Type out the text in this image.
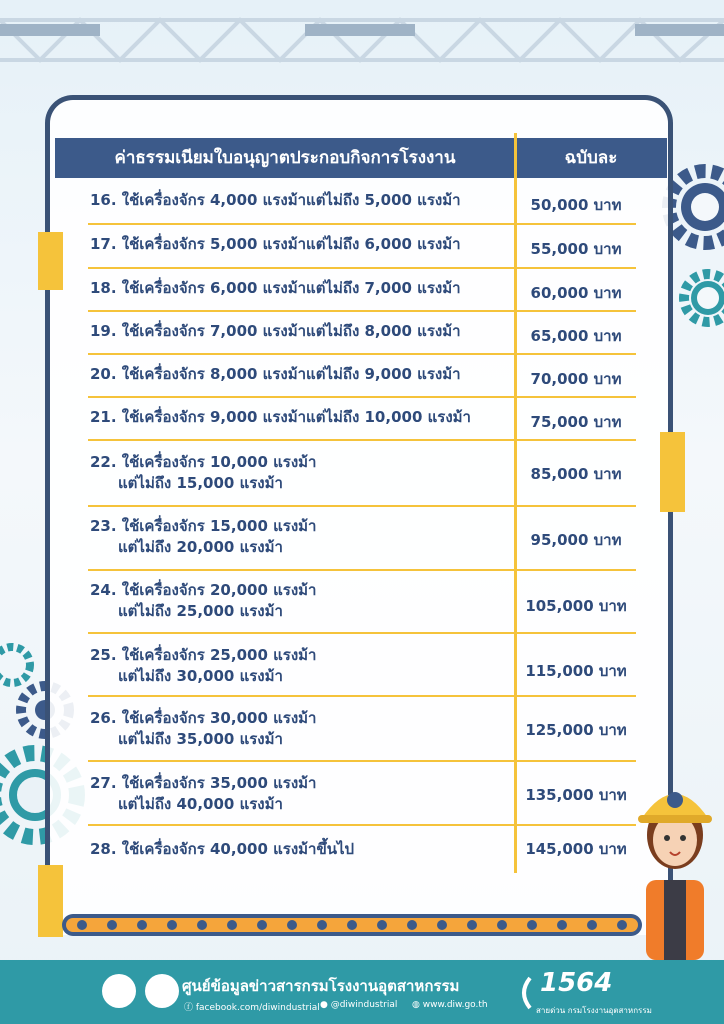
ค่าธรรมเนียมใบอนุญาตประกอบกิจการโรงงาน	ฉบับละ
16. ใช้เครื่องจักร 4,000 แรงม้าแต่ไม่ถึง 5,000 แรงม้า	50,000 บาท
17. ใช้เครื่องจักร 5,000 แรงม้าแต่ไม่ถึง 6,000 แรงม้า	55,000 บาท
18. ใช้เครื่องจักร 6,000 แรงม้าแต่ไม่ถึง 7,000 แรงม้า	60,000 บาท
19. ใช้เครื่องจักร 7,000 แรงม้าแต่ไม่ถึง 8,000 แรงม้า	65,000 บาท
20. ใช้เครื่องจักร 8,000 แรงม้าแต่ไม่ถึง 9,000 แรงม้า	70,000 บาท
21. ใช้เครื่องจักร 9,000 แรงม้าแต่ไม่ถึง 10,000 แรงม้า	75,000 บาท
22. ใช้เครื่องจักร 10,000 แรงม้า
แต่ไม่ถึง 15,000 แรงม้า	85,000 บาท
23. ใช้เครื่องจักร 15,000 แรงม้า
แต่ไม่ถึง 20,000 แรงม้า	95,000 บาท
24. ใช้เครื่องจักร 20,000 แรงม้า
แต่ไม่ถึง 25,000 แรงม้า	105,000 บาท
25. ใช้เครื่องจักร 25,000 แรงม้า
แต่ไม่ถึง 30,000 แรงม้า	115,000 บาท
26. ใช้เครื่องจักร 30,000 แรงม้า
แต่ไม่ถึง 35,000 แรงม้า	125,000 บาท
27. ใช้เครื่องจักร 35,000 แรงม้า
แต่ไม่ถึง 40,000 แรงม้า	135,000 บาท
28. ใช้เครื่องจักร 40,000 แรงม้าขึ้นไป	145,000 บาท
ศูนย์ข้อมูลข่าวสารกรมโรงงานอุตสาหกรรม
ⓕ facebook.com/diwindustrial ● @diwindustrial ◍ www.diw.go.th
1564
สายด่วน กรมโรงงานอุตสาหกรรม
